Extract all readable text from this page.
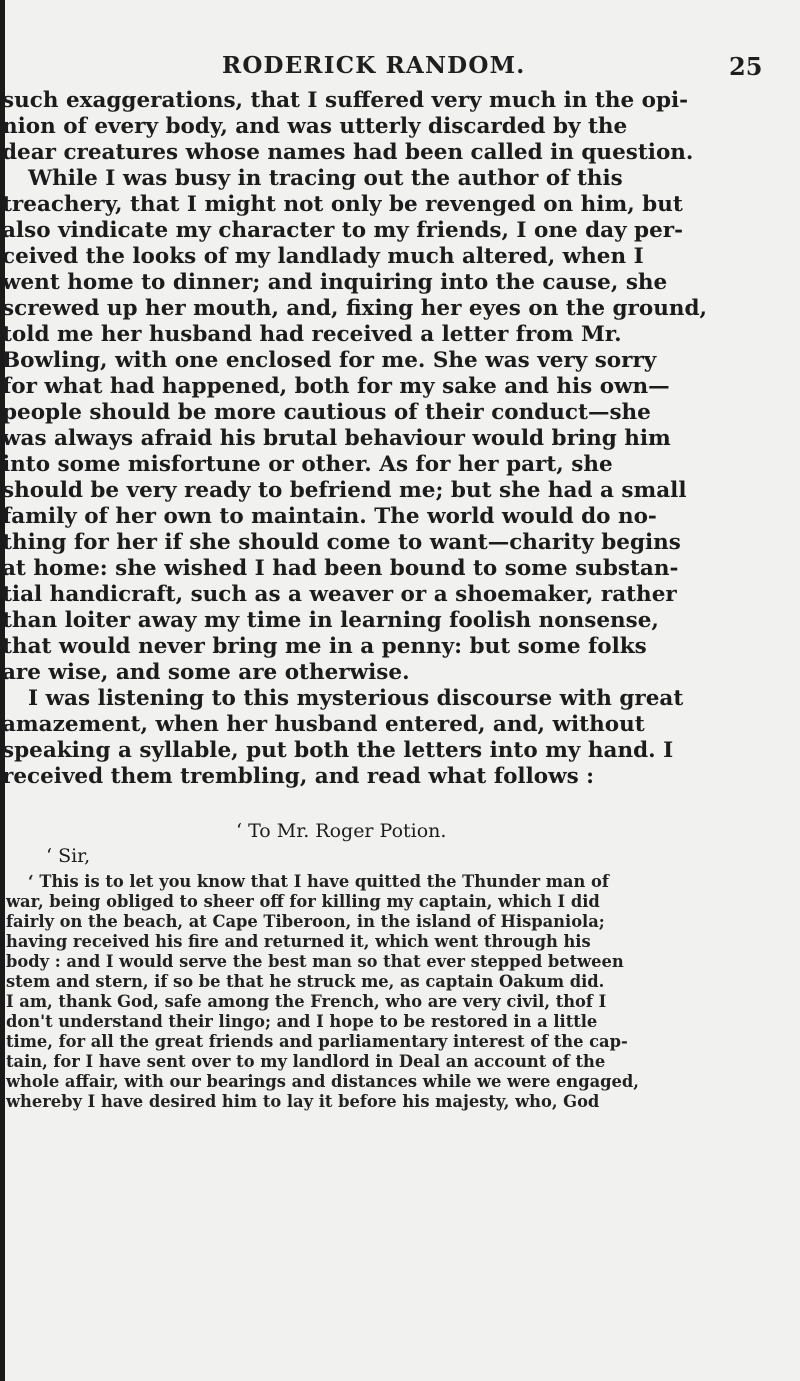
RODERICK RANDOM.	25
such exaggerations, that I suffered very much in the opi-
nion of every body, and was utterly discarded by the
dear creatures whose names had been called in question.
While I was busy in tracing out the author of this
treachery, that I might not only be revenged on him, but
also vindicate my character to my friends, I one day per-
ceived the looks of my landlady much altered, when I
went home to dinner; and inquiring into the cause, she
screwed up her mouth, and, fixing her eyes on the ground,
told me her husband had received a letter from Mr.
Bowling, with one enclosed for me. She was very sorry
for what had happened, both for my sake and his own—
people should be more cautious of their conduct—she
was always afraid his brutal behaviour would bring him
into some misfortune or other. As for her part, she
should be very ready to befriend me; but she had a small
family of her own to maintain. The world would do no-
thing for her if she should come to want—charity begins
at home: she wished I had been bound to some substan-
tial handicraft, such as a weaver or a shoemaker, rather
than loiter away my time in learning foolish nonsense,
that would never bring me in a penny: but some folks
are wise, and some are otherwise.
I was listening to this mysterious discourse with great
amazement, when her husband entered, and, without
speaking a syllable, put both the letters into my hand. I
received them trembling, and read what follows :
‘ To Mr. Roger Potion.
‘ Sir,
‘ This is to let you know that I have quitted the Thunder man of
war, being obliged to sheer off for killing my captain, which I did
fairly on the beach, at Cape Tiberoon, in the island of Hispaniola;
having received his fire and returned it, which went through his
body : and I would serve the best man so that ever stepped between
stem and stern, if so be that he struck me, as captain Oakum did.
I am, thank God, safe among the French, who are very civil, thof I
don't understand their lingo; and I hope to be restored in a little
time, for all the great friends and parliamentary interest of the cap-
tain, for I have sent over to my landlord in Deal an account of the
whole affair, with our bearings and distances while we were engaged,
whereby I have desired him to lay it before his majesty, who, God
